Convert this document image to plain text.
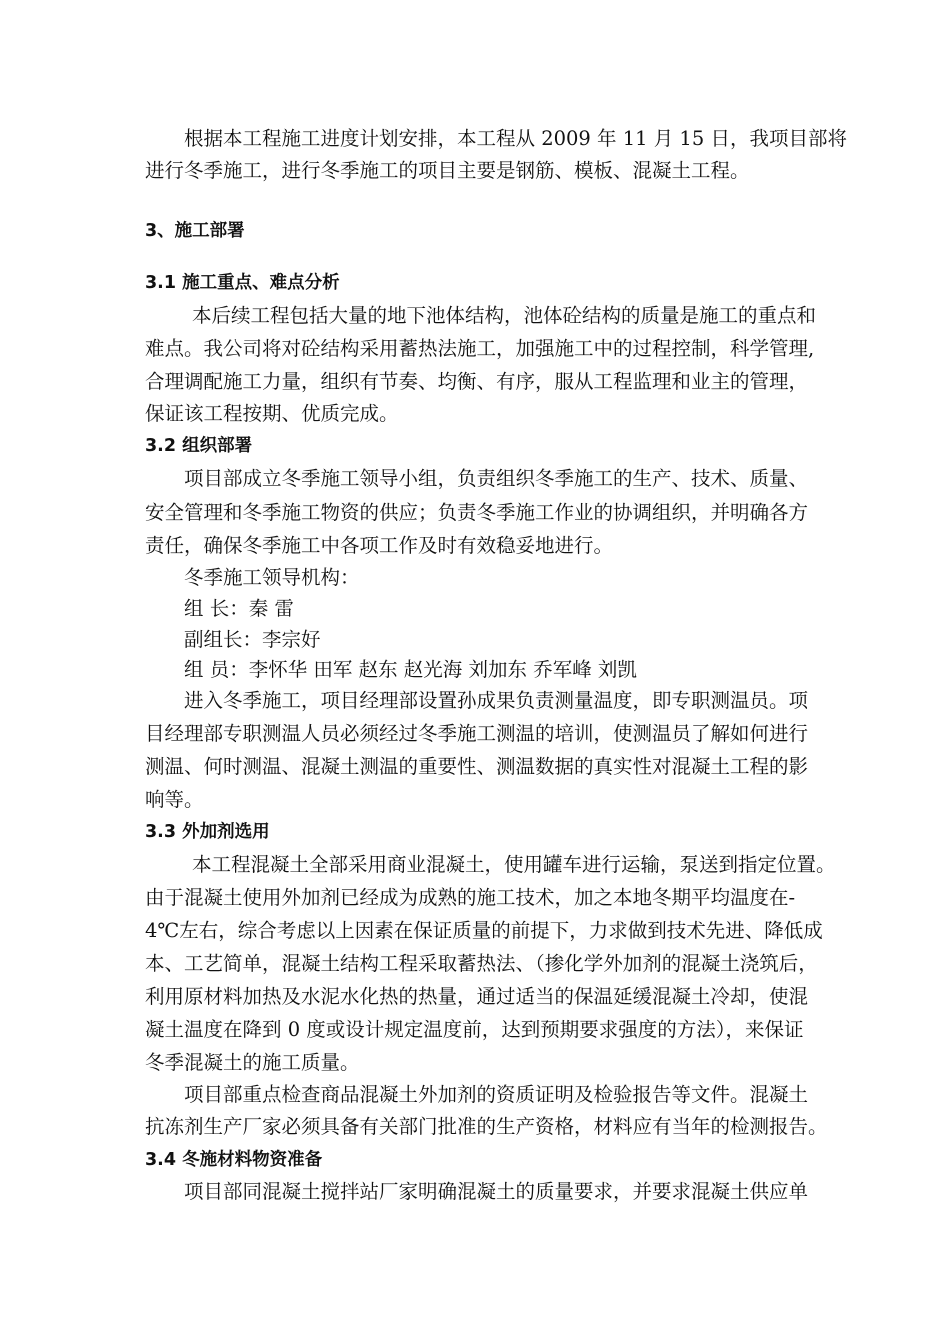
根据本工程施工进度计划安排，本工程从 2009 年 11 月 15 日，我项目部将

进行冬季施工，进行冬季施工的项目主要是钢筋、模板、混凝土工程。

3、施工部署

3.1 施工重点、难点分析

本后续工程包括大量的地下池体结构，池体砼结构的质量是施工的重点和

难点。我公司将对砼结构采用蓄热法施工，加强施工中的过程控制，科学管理,

合理调配施工力量，组织有节奏、均衡、有序，服从工程监理和业主的管理，

保证该工程按期、优质完成。

3.2 组织部署

项目部成立冬季施工领导小组，负责组织冬季施工的生产、技术、质量、

安全管理和冬季施工物资的供应；负责冬季施工作业的协调组织，并明确各方

责任，确保冬季施工中各项工作及时有效稳妥地进行。

冬季施工领导机构：

组 长：秦 雷

副组长：李宗好

组 员：李怀华 田军 赵东 赵光海 刘加东 乔军峰 刘凯

进入冬季施工，项目经理部设置孙成果负责测量温度，即专职测温员。项

目经理部专职测温人员必须经过冬季施工测温的培训，使测温员了解如何进行

测温、何时测温、混凝土测温的重要性、测温数据的真实性对混凝土工程的影

响等。

3.3 外加剂选用

本工程混凝土全部采用商业混凝土，使用罐车进行运输，泵送到指定位置。

由于混凝土使用外加剂已经成为成熟的施工技术，加之本地冬期平均温度在-

4℃左右，综合考虑以上因素在保证质量的前提下，力求做到技术先进、降低成

本、工艺简单，混凝土结构工程采取蓄热法、（掺化学外加剂的混凝土浇筑后，

利用原材料加热及水泥水化热的热量，通过适当的保温延缓混凝土冷却，使混

凝土温度在降到 0 度或设计规定温度前，达到预期要求强度的方法），来保证

冬季混凝土的施工质量。

项目部重点检查商品混凝土外加剂的资质证明及检验报告等文件。混凝土

抗冻剂生产厂家必须具备有关部门批准的生产资格，材料应有当年的检测报告。

3.4 冬施材料物资准备

项目部同混凝土搅拌站厂家明确混凝土的质量要求，并要求混凝土供应单
